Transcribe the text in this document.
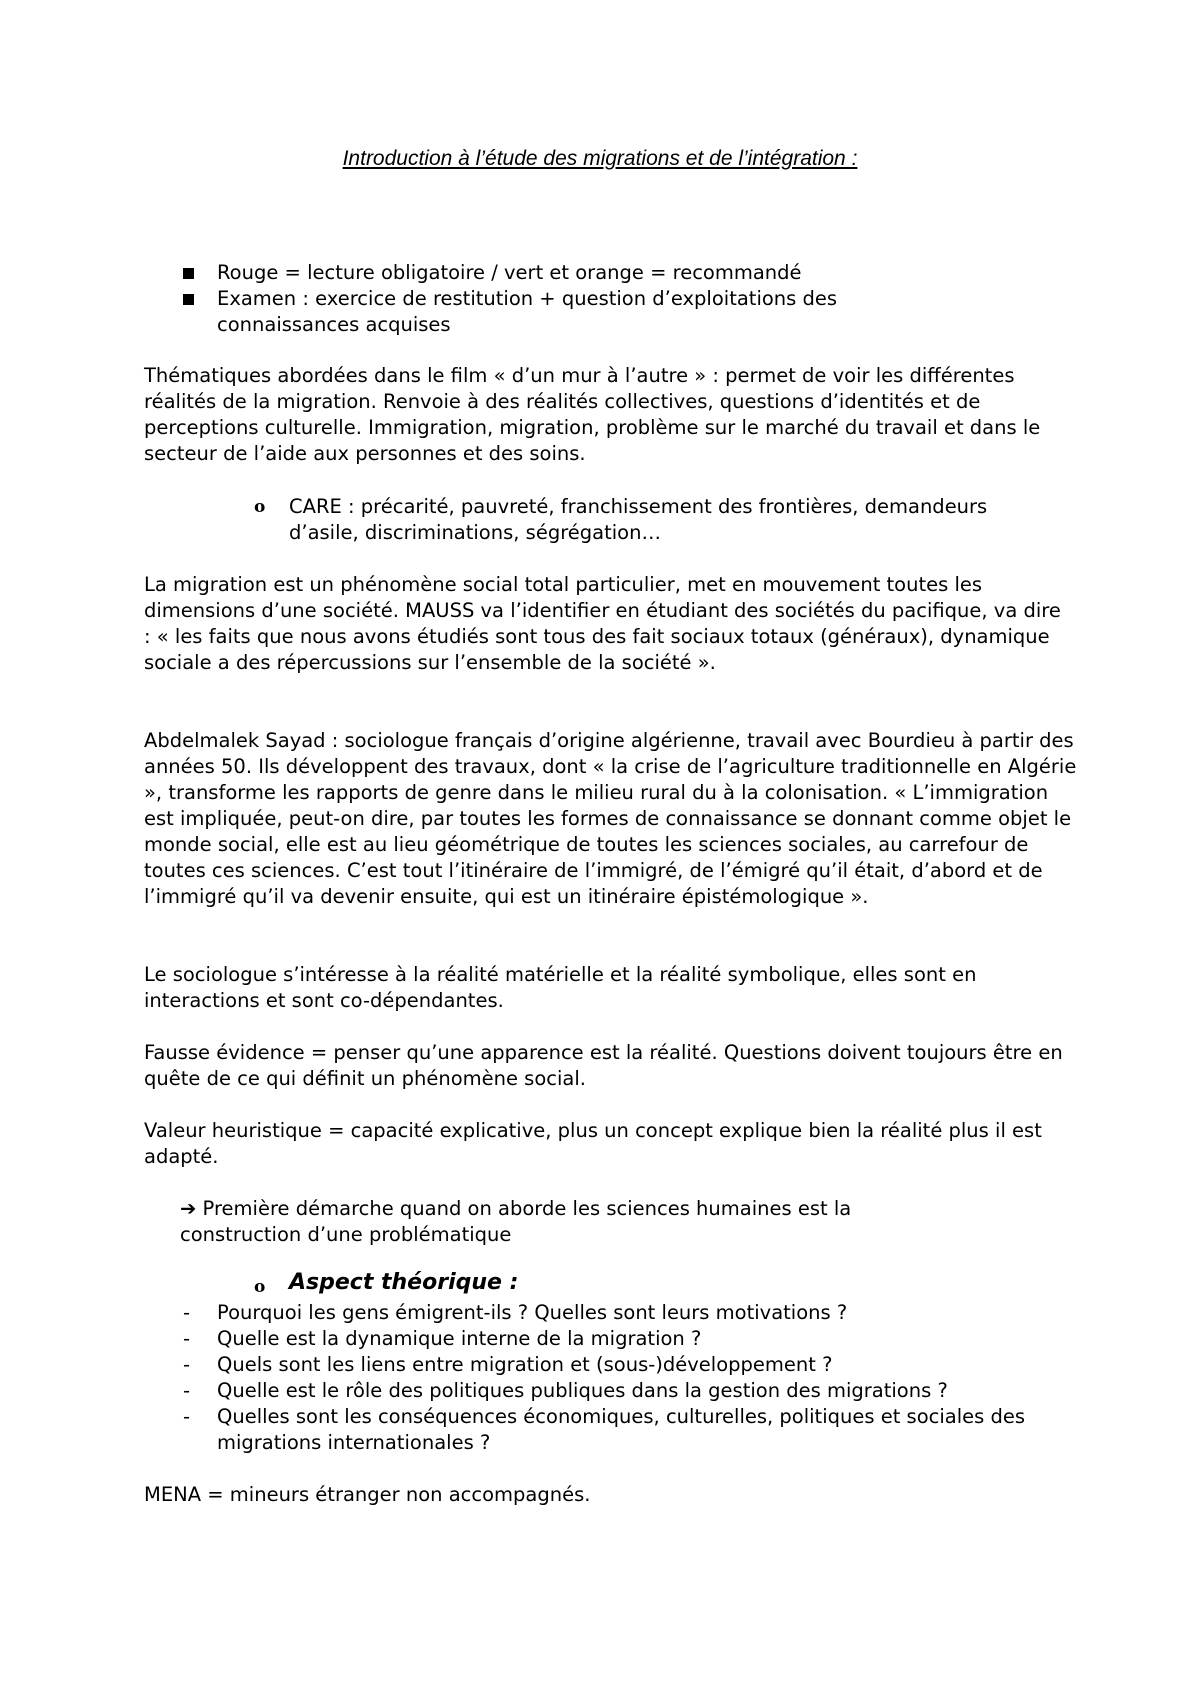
Introduction à l’étude des migrations et de l’intégration :
Rouge = lecture obligatoire / vert et orange = recommandé
Examen : exercice de restitution + question d’exploitations des connaissances acquises
Thématiques abordées dans le film « d’un mur à l’autre » : permet de voir les différentes réalités de la migration. Renvoie à des réalités collectives, questions d’identités et de perceptions culturelle. Immigration, migration, problème sur le marché du travail et dans le secteur de l’aide aux personnes et des soins.
o CARE : précarité, pauvreté, franchissement des frontières, demandeurs d’asile, discriminations, ségrégation…
La migration est un phénomène social total particulier, met en mouvement toutes les dimensions d’une société. MAUSS va l’identifier en étudiant des sociétés du pacifique, va dire : « les faits que nous avons étudiés sont tous des fait sociaux totaux (généraux), dynamique sociale a des répercussions sur l’ensemble de la société ».
Abdelmalek Sayad : sociologue français d’origine algérienne, travail avec Bourdieu à partir des années 50. Ils développent des travaux, dont « la crise de l’agriculture traditionnelle en Algérie », transforme les rapports de genre dans le milieu rural du à la colonisation. « L’immigration est impliquée, peut-on dire, par toutes les formes de connaissance se donnant comme objet le monde social, elle est au lieu géométrique de toutes les sciences sociales, au carrefour de toutes ces sciences. C’est tout l’itinéraire de l’immigré, de l’émigré qu’il était, d’abord et de l’immigré qu’il va devenir ensuite, qui est un itinéraire épistémologique ».
Le sociologue s’intéresse à la réalité matérielle et la réalité symbolique, elles sont en interactions et sont co-dépendantes.
Fausse évidence = penser qu’une apparence est la réalité. Questions doivent toujours être en quête de ce qui définit un phénomène social.
Valeur heuristique = capacité explicative, plus un concept explique bien la réalité plus il est adapté.
➔ Première démarche quand on aborde les sciences humaines est la construction d’une problématique
o Aspect théorique :
- Pourquoi les gens émigrent-ils ? Quelles sont leurs motivations ?
- Quelle est la dynamique interne de la migration ?
- Quels sont les liens entre migration et (sous-)développement ?
- Quelle est le rôle des politiques publiques dans la gestion des migrations ?
- Quelles sont les conséquences économiques, culturelles, politiques et sociales des migrations internationales ?
MENA = mineurs étranger non accompagnés.
